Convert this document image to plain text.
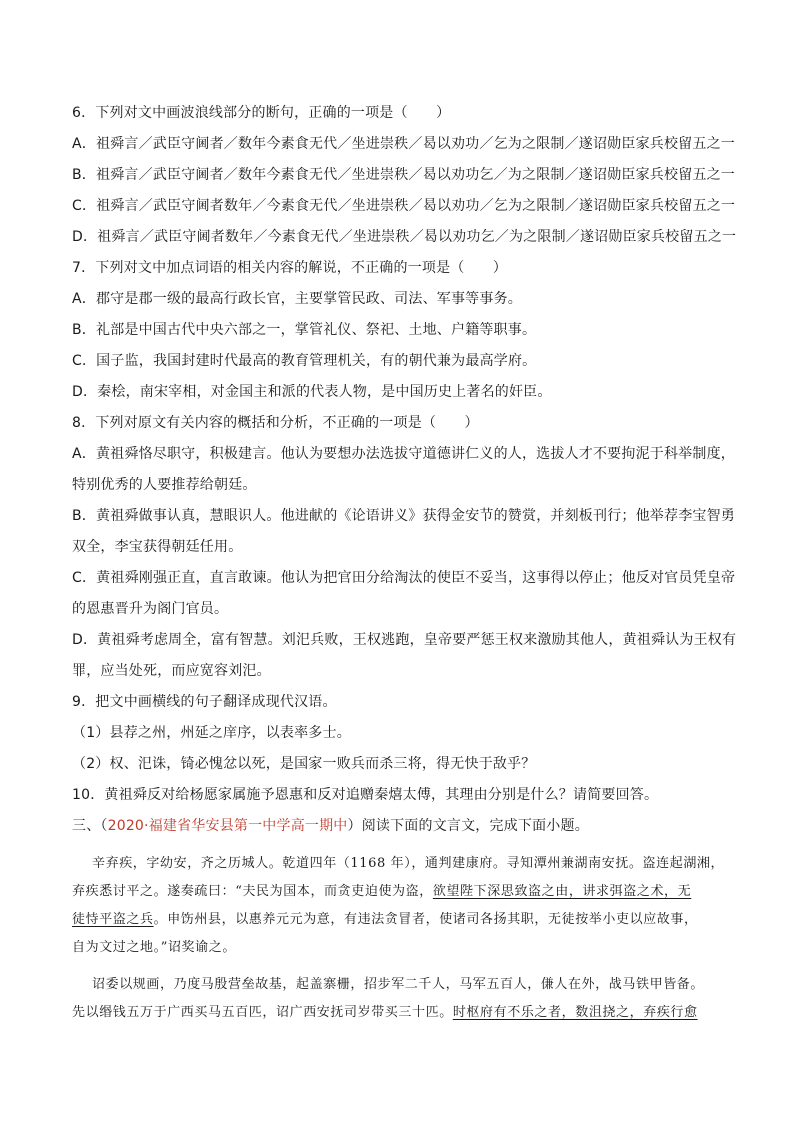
6．下列对文中画波浪线部分的断句，正确的一项是（　　）
A．祖舜言／武臣守阃者／数年今素食无代／坐进崇秩／曷以劝功／乞为之限制／遂诏勋臣家兵校留五之一
B．祖舜言／武臣守阃者／数年今素食无代／坐进崇秩／曷以劝功乞／为之限制／遂诏勋臣家兵校留五之一
C．祖舜言／武臣守阃者数年／今素食无代／坐进崇秩／曷以劝功／乞为之限制／遂诏勋臣家兵校留五之一
D．祖舜言／武臣守阃者数年／今素食无代／坐进崇秩／曷以劝功乞／为之限制／遂诏勋臣家兵校留五之一
7．下列对文中加点词语的相关内容的解说，不正确的一项是（　　）
A．郡守是郡一级的最高行政长官，主要掌管民政、司法、军事等事务。
B．礼部是中国古代中央六部之一，掌管礼仪、祭祀、土地、户籍等职事。
C．国子监，我国封建时代最高的教育管理机关，有的朝代兼为最高学府。
D．秦桧，南宋宰相，对金国主和派的代表人物，是中国历史上著名的奸臣。
8．下列对原文有关内容的概括和分析，不正确的一项是（　　）
A．黄祖舜恪尽职守，积极建言。他认为要想办法选拔守道德讲仁义的人，选拔人才不要拘泥于科举制度，
特别优秀的人要推荐给朝廷。
B．黄祖舜做事认真，慧眼识人。他进献的《论语讲义》获得金安节的赞赏，并刻板刊行；他举荐李宝智勇
双全，李宝获得朝廷任用。
C．黄祖舜刚强正直，直言敢谏。他认为把官田分给淘汰的使臣不妥当，这事得以停止；他反对官员凭皇帝
的恩惠晋升为阁门官员。
D．黄祖舜考虑周全，富有智慧。刘汜兵败，王权逃跑，皇帝要严惩王权来激励其他人，黄祖舜认为王权有
罪，应当处死，而应宽容刘汜。
9．把文中画横线的句子翻译成现代汉语。
（1）县荐之州，州延之庠序，以表率多士。
（2）权、汜诛，锜必愧忿以死，是国家一败兵而杀三将，得无快于敌乎？
10．黄祖舜反对给杨愿家属施予恩惠和反对追赠秦熺太傅，其理由分别是什么？请简要回答。
三、（2020·福建省华安县第一中学高一期中）阅读下面的文言文，完成下面小题。
辛弃疾，字幼安，齐之历城人。乾道四年（1168 年），通判建康府。寻知潭州兼湖南安抚。盗连起湖湘，
弃疾悉讨平之。遂奏疏曰：“夫民为国本，而贪吏迫使为盗，欲望陛下深思致盗之由，讲求弭盗之术，无
徒恃平盗之兵。申饬州县，以惠养元元为意，有违法贪冒者，使诸司各扬其职，无徒按举小吏以应故事，
自为文过之地。”诏奖谕之。
诏委以规画，乃度马殷营垒故基，起盖寨栅，招步军二千人，马军五百人，傔人在外，战马铁甲皆备。
先以缗钱五万于广西买马五百匹，诏广西安抚司岁带买三十匹。时枢府有不乐之者，数沮挠之，弃疾行愈
